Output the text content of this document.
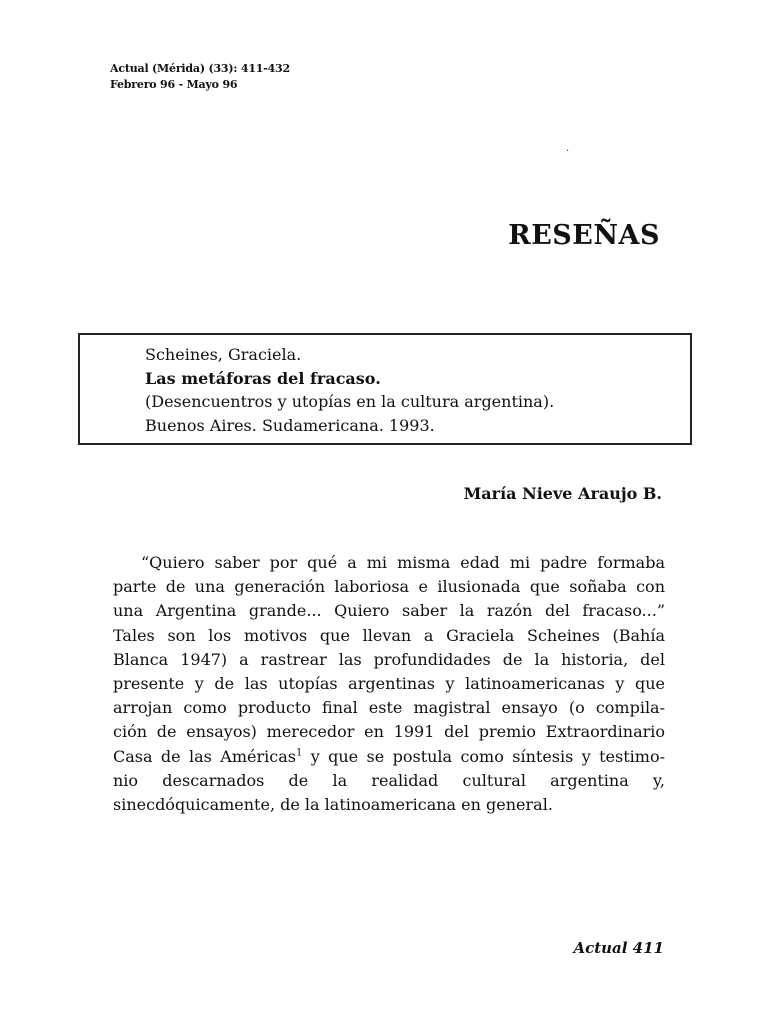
Actual (Mérida) (33): 411-432
Febrero 96 - Mayo 96
·
RESEÑAS
Scheines, Graciela.
Las metáforas del fracaso.
(Desencuentros y utopías en la cultura argentina).
Buenos Aires. Sudamericana. 1993.
María Nieve Araujo B.
“Quiero saber por qué a mi misma edad mi padre formaba
parte de una generación laboriosa e ilusionada que soñaba con
una Argentina grande... Quiero saber la razón del fracaso...”
Tales son los motivos que llevan a Graciela Scheines (Bahía
Blanca 1947) a rastrear las profundidades de la historia, del
presente y de las utopías argentinas y latinoamericanas y que
arrojan como producto final este magistral ensayo (o compila-
ción de ensayos) merecedor en 1991 del premio Extraordinario
Casa de las Américas$^1$ y que se postula como síntesis y testimo-
nio descarnados de la realidad cultural argentina y,
sinecdóquicamente, de la latinoamericana en general.
Actual 411
